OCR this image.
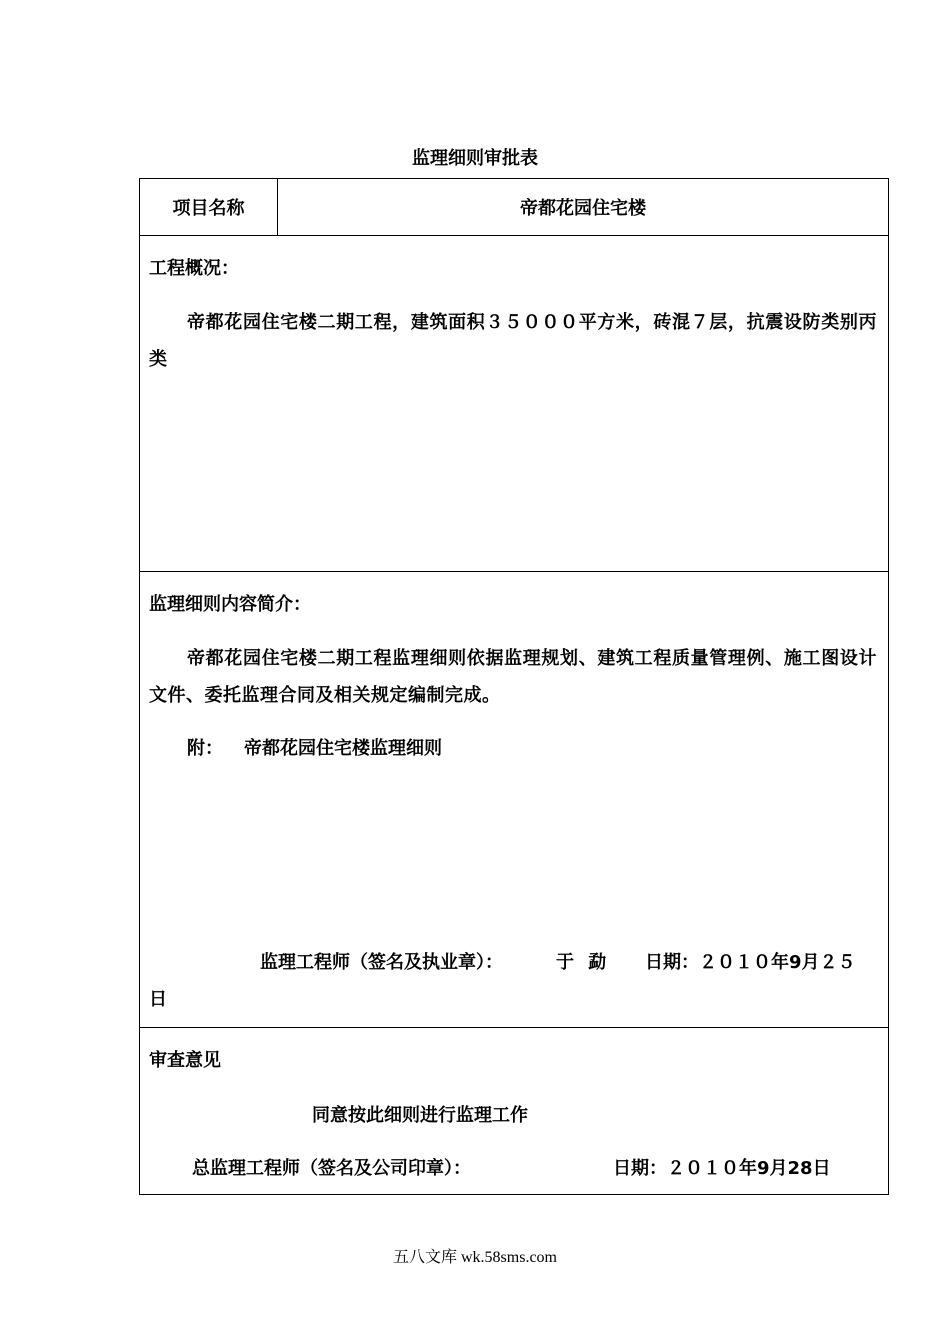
监理细则审批表
项目名称	帝都花园住宅楼
工程概况：
帝都花园住宅楼二期工程，建筑面积３５０００平方米，砖混７层，抗震设防类别丙类
监理细则内容简介：
帝都花园住宅楼二期工程监理细则依据监理规划、建筑工程质量管理例、施工图设计文件、委托监理合同及相关规定编制完成。
附： 帝都花园住宅楼监理细则
监理工程师（签名及执业章）：	于 勐 日期：２０１０年9月２５
日
审查意见
同意按此细则进行监理工作
总监理工程师（签名及公司印章）：	日期：２０１０年9月28日
五八文库 wk.58sms.com
